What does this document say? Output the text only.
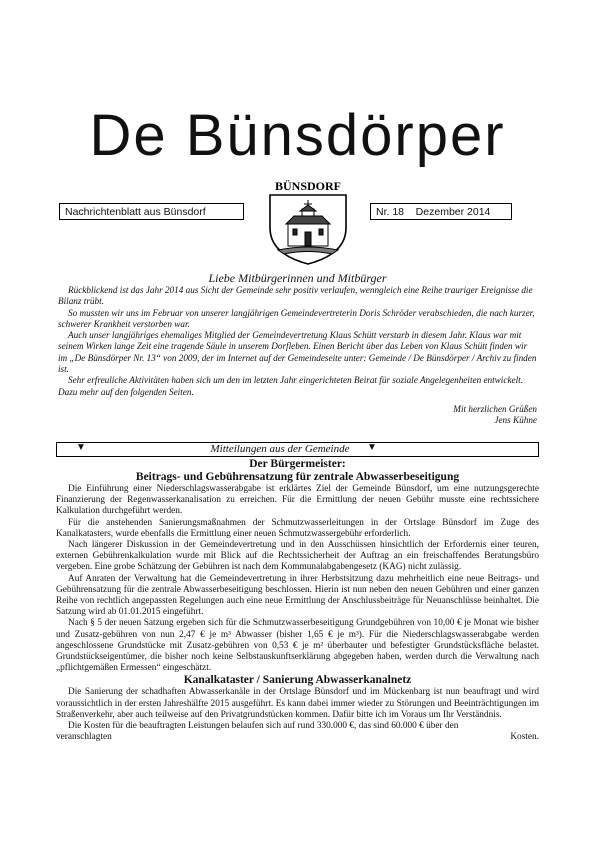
De Bünsdörper
Nachrichtenblatt aus Bünsdorf
BÜNSDORF
Nr. 18    Dezember 2014
Liebe Mitbürgerinnen und Mitbürger

Rückblickend ist das Jahr 2014 aus Sicht der Gemeinde sehr positiv verlaufen, wenngleich eine Reihe trauriger Ereignisse die Bilanz trübt.

So mussten wir uns im Februar von unserer langjährigen Gemeindevertreterin Doris Schröder verabschieden, die nach kurzer, schwerer Krankheit verstorben war.

Auch unser langjähriges ehemaliges Mitglied der Gemeindevertretung Klaus Schütt verstarb in diesem Jahr. Klaus war mit seinem Wirken lange Zeit eine tragende Säule in unserem Dorfleben. Einen Bericht über das Leben von Klaus Schütt finden wir im „De Bünsdörper Nr. 13“ von 2009, der im Internet auf der Gemeindeseite unter: Gemeinde / De Bünsdörper / Archiv zu finden ist.

Sehr erfreuliche Aktivitäten haben sich um den im letzten Jahr eingerichteten Beirat für soziale Angelegenheiten entwickelt. Dazu mehr auf den folgenden Seiten.

Mit herzlichen Grüßen
Jens Kühne
▼	Mitteilungen aus der Gemeinde	▼
Der Bürgermeister:
Beitrags- und Gebührensatzung für zentrale Abwasserbeseitigung

Die Einführung einer Niederschlagswasserabgabe ist erklärtes Ziel der Gemeinde Bünsdorf, um eine nutzungsgerechte Finanzierung der Regenwasserkanalisation zu erreichen. Für die Ermittlung der neuen Gebühr musste eine rechtssichere Kalkulation durchgeführt werden.

Für die anstehenden Sanierungsmaßnahmen der Schmutzwasserleitungen in der Ortslage Bünsdorf im Zuge des Kanalkatasters, wurde ebenfalls die Ermittlung einer neuen Schmutzwassergebühr erforderlich.

Nach längerer Diskussion in der Gemeindevertretung und in den Ausschüssen hinsichtlich der Erfordernis einer teuren, externen Gebührenkalkulation wurde mit Blick auf die Rechtssicherheit der Auftrag an ein freischaffendes Beratungsbüro vergeben. Eine grobe Schätzung der Gebühren ist nach dem Kommunalabgabengesetz (KAG) nicht zulässig.

Auf Anraten der Verwaltung hat die Gemeindevertretung in ihrer Herbstsitzung dazu mehrheitlich eine neue Beitrags- und Gebührensatzung für die zentrale Abwasserbeseitigung beschlossen. Hierin ist nun neben den neuen Gebühren und einer ganzen Reihe von rechtlich angepassten Regelungen auch eine neue Ermittlung der Anschlussbeiträge für Neuanschlüsse beinhaltet. Die Satzung wird ab 01.01.2015 eingeführt.

Nach § 5 der neuen Satzung ergeben sich für die Schmutzwasserbeseitigung Grundgebühren von 10,00 € je Monat wie bisher und Zusatz-gebühren von nun 2,47 € je m³ Abwasser (bisher 1,65 € je m³). Für die Niederschlagswasserabgabe werden angeschlossene Grundstücke mit Zusatz-gebühren von 0,53 € je m² überbauter und befestigter Grundstücksfläche belastet. Grundstückseigentümer, die bisher noch keine Selbstauskunftserklärung abgegeben haben, werden durch die Verwaltung nach „pflichtgemäßen Ermessen“ eingeschätzt.

Kanalkataster / Sanierung Abwasserkanalnetz

Die Sanierung der schadhaften Abwasserkanäle in der Ortslage Bünsdorf und im Mückenbarg ist nun beauftragt und wird voraussichtlich in der ersten Jahreshälfte 2015 ausgeführt. Es kann dabei immer wieder zu Störungen und Beeinträchtigungen im Straßenverkehr, aber auch teilweise auf den Privatgrundstücken kommen. Dafür bitte ich im Voraus um Ihr Verständnis.

Die Kosten für die beauftragten Leistungen belaufen sich auf rund 330.000 €, das sind 60.000 € über den

veranschlagten	Kosten.
